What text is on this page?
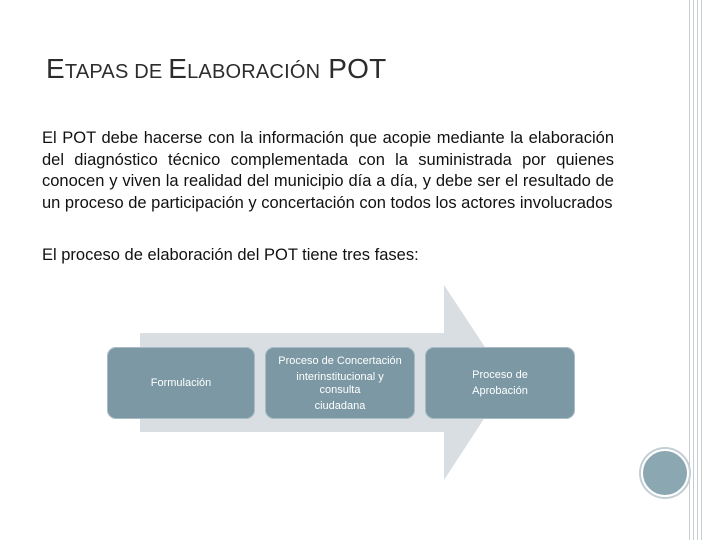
ETAPAS DE ELABORACIÓN POT
El POT debe hacerse con la información que acopie mediante la elaboración del diagnóstico técnico complementada con la suministrada por quienes conocen y viven la realidad del municipio día a día, y debe ser el resultado de un proceso de participación y concertación con todos los actores involucrados
El proceso de elaboración del POT tiene tres fases:
Formulación
Proceso de Concertación
interinstitucional y
consulta
ciudadana
Proceso de
Aprobación
